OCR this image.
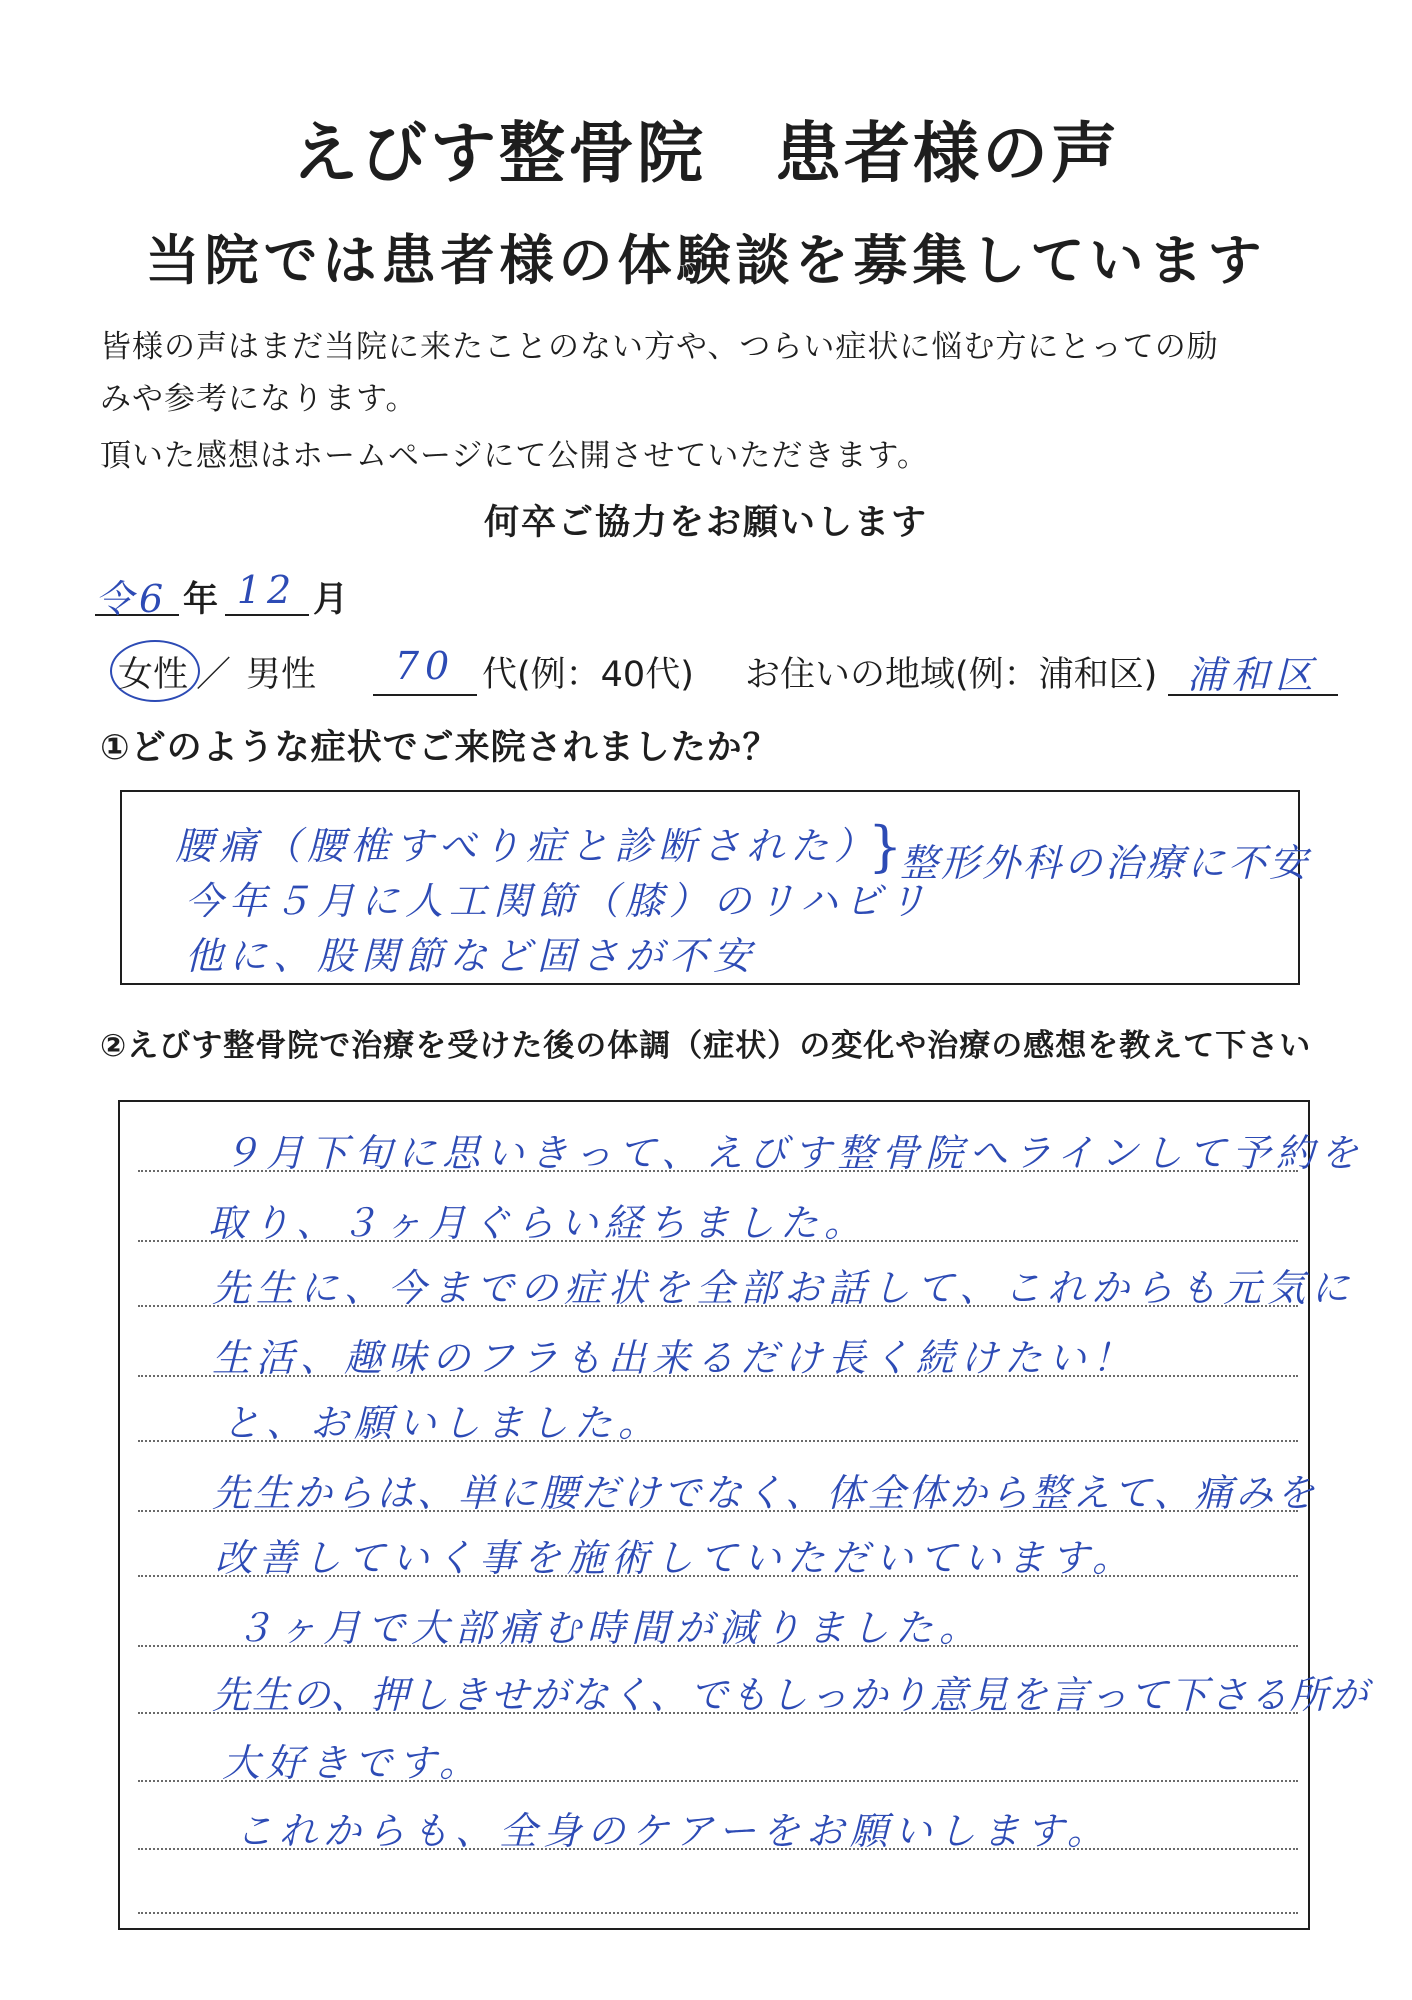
えびす整骨院　患者様の声
当院では患者様の体験談を募集しています
皆様の声はまだ当院に来たことのない方や、つらい症状に悩む方にとっての励
みや参考になります。
頂いた感想はホームページにて公開させていただきます。
何卒ご協力をお願いします
令6 年 12 月
女性 ／ 男性	70 代(例：40代) お住いの地域(例：浦和区) 浦和区
①どのような症状でご来院されましたか？
腰痛（腰椎すべり症と診断された）
今年５月に人工関節（膝）のリハビリ
他に、股関節など固さが不安
}
整形外科の治療に不安
②えびす整骨院で治療を受けた後の体調（症状）の変化や治療の感想を教えて下さい
９月下旬に思いきって、えびす整骨院へラインして予約を
取り、３ヶ月ぐらい経ちました。
先生に、今までの症状を全部お話して、これからも元気に
生活、趣味のフラも出来るだけ長く続けたい！
と、お願いしました。
先生からは、単に腰だけでなく、体全体から整えて、痛みを
改善していく事を施術していただいています。
３ヶ月で大部痛む時間が減りました。
先生の、押しきせがなく、でもしっかり意見を言って下さる所が
大好きです。
これからも、全身のケアーをお願いします。
